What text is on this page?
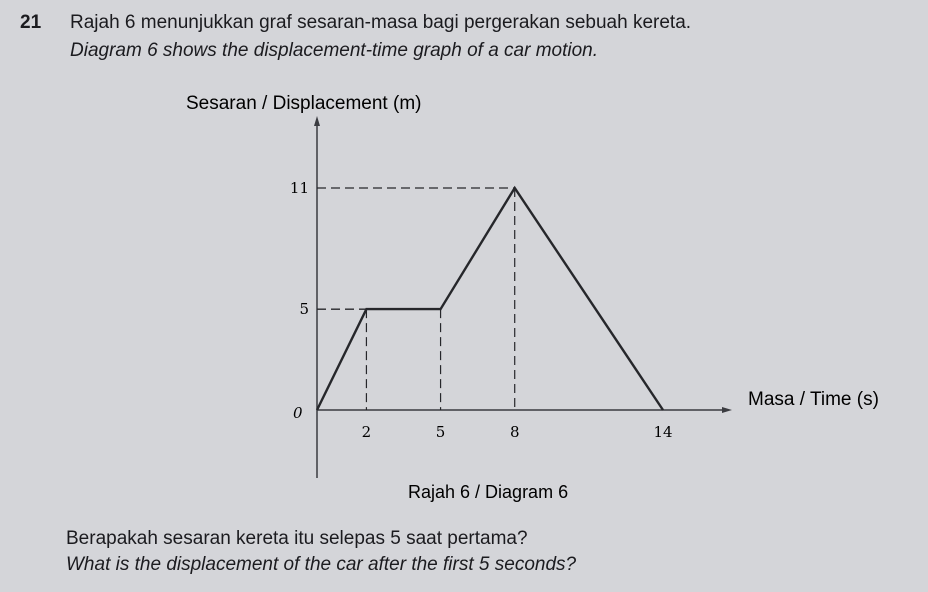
21 Rajah 6 menunjukkan graf sesaran-masa bagi pergerakan sebuah kereta.
Diagram 6 shows the displacement-time graph of a car motion.
2	5	8	14
5
11
Sesaran / Displacement (m)
Masa / Time (s)
Rajah 6 / Diagram 6
0
Berapakah sesaran kereta itu selepas 5 saat pertama?
What is the displacement of the car after the first 5 seconds?
